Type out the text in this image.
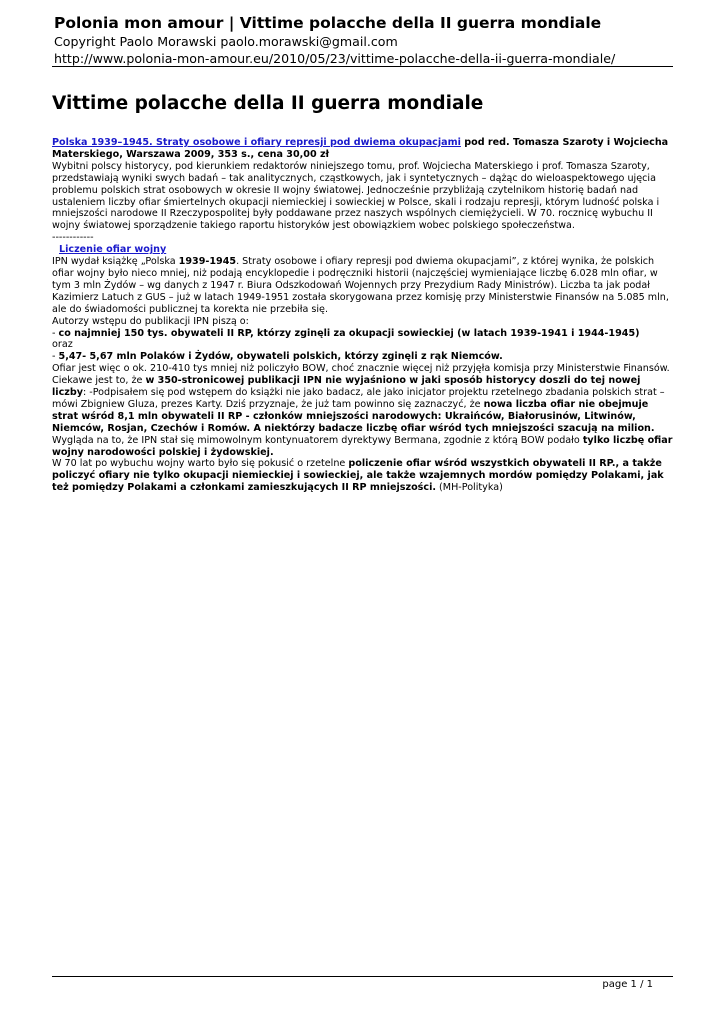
Polonia mon amour | Vittime polacche della II guerra mondiale
Copyright Paolo Morawski paolo.morawski@gmail.com
http://www.polonia-mon-amour.eu/2010/05/23/vittime-polacche-della-ii-guerra-mondiale/
Vittime polacche della II guerra mondiale

Polska 1939–1945. Straty osobowe i ofiary represji pod dwiema okupacjami pod red. Tomasza Szaroty i Wojciecha Materskiego, Warszawa 2009, 353 s., cena 30,00 zł

Wybitni polscy historycy, pod kierunkiem redaktorów niniejszego tomu, prof. Wojciecha Materskiego i prof. Tomasza Szaroty, przedstawiają wyniki swych badań – tak analitycznych, cząstkowych, jak i syntetycznych – dążąc do wieloaspektowego ujęcia problemu polskich strat osobowych w okresie II wojny światowej. Jednocześnie przybliżają czytelnikom historię badań nad ustaleniem liczby ofiar śmiertelnych okupacji niemieckiej i sowieckiej w Polsce, skali i rodzaju represji, którym ludność polska i mniejszości narodowe II Rzeczypospolitej były poddawane przez naszych wspólnych ciemiężycieli. W 70. rocznicę wybuchu II wojny światowej sporządzenie takiego raportu historyków jest obowiązkiem wobec polskiego społeczeństwa.

------------

Liczenie ofiar wojny

IPN wydał książkę „Polska 1939-1945. Straty osobowe i ofiary represji pod dwiema okupacjami”, z której wynika, że polskich ofiar wojny było nieco mniej, niż podają encyklopedie i podręczniki historii (najczęściej wymieniające liczbę 6.028 mln ofiar, w tym 3 mln Żydów – wg danych z 1947 r. Biura Odszkodowań Wojennych przy Prezydium Rady Ministrów). Liczba ta jak podał Kazimierz Latuch z GUS – już w latach 1949-1951 została skorygowana przez komisję przy Ministerstwie Finansów na 5.085 mln, ale do świadomości publicznej ta korekta nie przebiła się.

Autorzy wstępu do publikacji IPN piszą o:

- co najmniej 150 tys. obywateli II RP, którzy zginęli za okupacji sowieckiej (w latach 1939-1941 i 1944-1945)

oraz

- 5,47- 5,67 mln Polaków i Żydów, obywateli polskich, którzy zginęli z rąk Niemców.

Ofiar jest więc o ok. 210-410 tys mniej niż policzyło BOW, choć znacznie więcej niż przyjęła komisja przy Ministerstwie Finansów. Ciekawe jest to, że w 350-stronicowej publikacji IPN nie wyjaśniono w jaki sposób historycy doszli do tej nowej liczby: -Podpisałem się pod wstępem do książki nie jako badacz, ale jako inicjator projektu rzetelnego zbadania polskich strat – mówi Zbigniew Gluza, prezes Karty. Dziś przyznaje, że już tam powinno się zaznaczyć, że nowa liczba ofiar nie obejmuje strat wśród 8,1 mln obywateli II RP - członków mniejszości narodowych: Ukraińców, Białorusinów, Litwinów, Niemców, Rosjan, Czechów i Romów. A niektórzy badacze liczbę ofiar wśród tych mniejszości szacują na milion. Wygląda na to, że IPN stał się mimowolnym kontynuatorem dyrektywy Bermana, zgodnie z którą BOW podało tylko liczbę ofiar wojny narodowości polskiej i żydowskiej.

W 70 lat po wybuchu wojny warto było się pokusić o rzetelne policzenie ofiar wśród wszystkich obywateli II RP., a także policzyć ofiary nie tylko okupacji niemieckiej i sowieckiej, ale także wzajemnych mordów pomiędzy Polakami, jak też pomiędzy Polakami a członkami zamieszkujących II RP mniejszości. (MH-Polityka)

page 1 / 1
